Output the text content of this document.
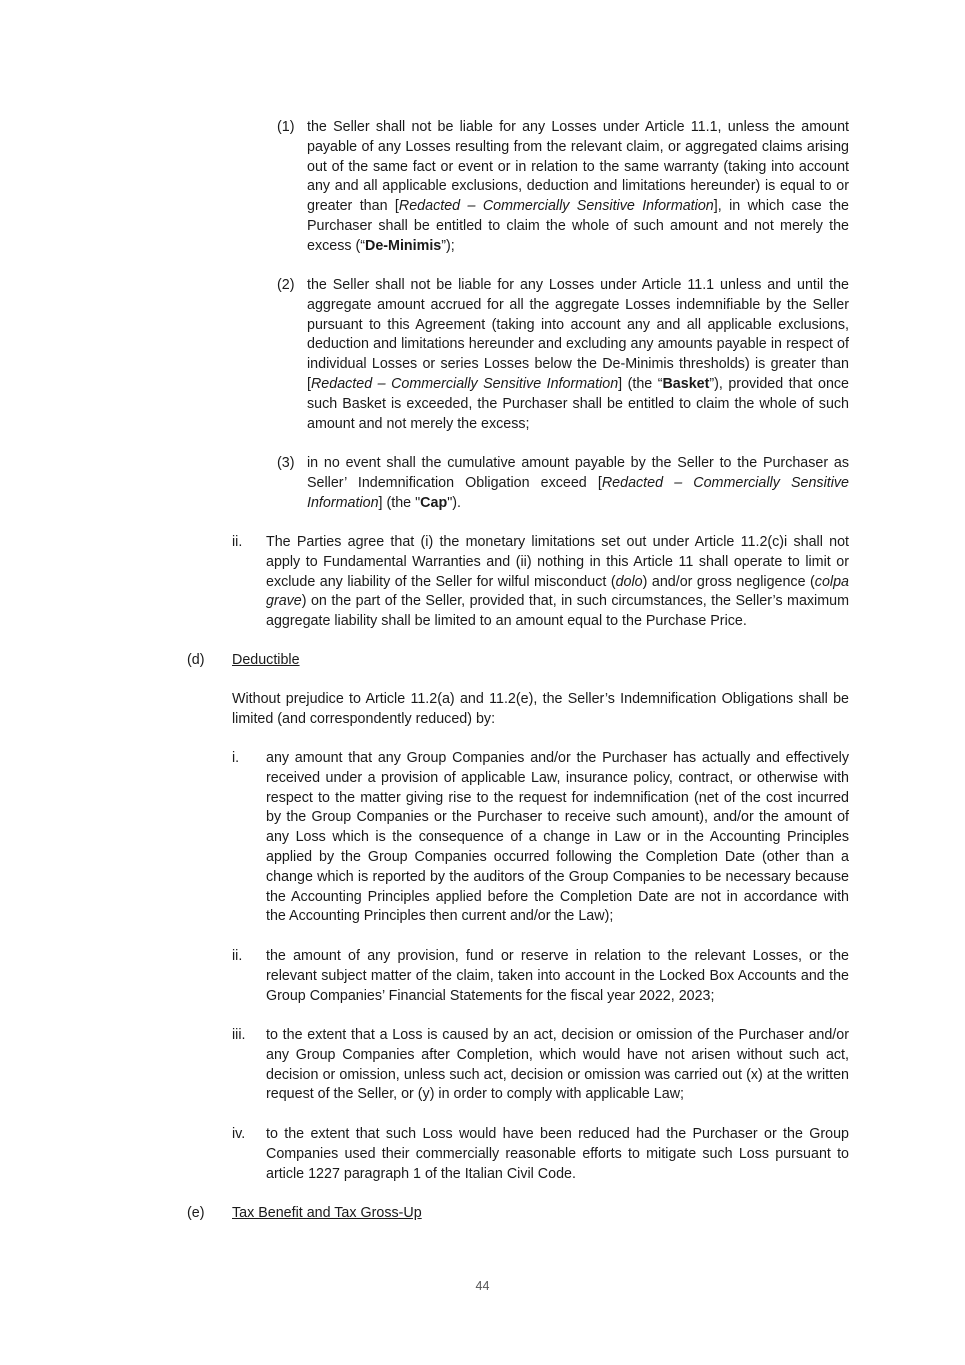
(1) the Seller shall not be liable for any Losses under Article 11.1, unless the amount payable of any Losses resulting from the relevant claim, or aggregated claims arising out of the same fact or event or in relation to the same warranty (taking into account any and all applicable exclusions, deduction and limitations hereunder) is equal to or greater than [Redacted – Commercially Sensitive Information], in which case the Purchaser shall be entitled to claim the whole of such amount and not merely the excess (“De-Minimis”);

(2) the Seller shall not be liable for any Losses under Article 11.1 unless and until the aggregate amount accrued for all the aggregate Losses indemnifiable by the Seller pursuant to this Agreement (taking into account any and all applicable exclusions, deduction and limitations hereunder and excluding any amounts payable in respect of individual Losses or series Losses below the De-Minimis thresholds) is greater than [Redacted – Commercially Sensitive Information] (the “Basket”), provided that once such Basket is exceeded, the Purchaser shall be entitled to claim the whole of such amount and not merely the excess;

(3) in no event shall the cumulative amount payable by the Seller to the Purchaser as Seller’ Indemnification Obligation exceed [Redacted – Commercially Sensitive Information] (the "Cap").

ii.	The Parties agree that (i) the monetary limitations set out under Article 11.2(c)i shall not apply to Fundamental Warranties and (ii) nothing in this Article 11 shall operate to limit or exclude any liability of the Seller for wilful misconduct (dolo) and/or gross negligence (colpa grave) on the part of the Seller, provided that, in such circumstances, the Seller’s maximum aggregate liability shall be limited to an amount equal to the Purchase Price.

(d) Deductible

Without prejudice to Article 11.2(a) and 11.2(e), the Seller’s Indemnification Obligations shall be limited (and correspondently reduced) by:

i.	any amount that any Group Companies and/or the Purchaser has actually and effectively received under a provision of applicable Law, insurance policy, contract, or otherwise with respect to the matter giving rise to the request for indemnification (net of the cost incurred by the Group Companies or the Purchaser to receive such amount), and/or the amount of any Loss which is the consequence of a change in Law or in the Accounting Principles applied by the Group Companies occurred following the Completion Date (other than a change which is reported by the auditors of the Group Companies to be necessary because the Accounting Principles applied before the Completion Date are not in accordance with the Accounting Principles then current and/or the Law);

ii.	the amount of any provision, fund or reserve in relation to the relevant Losses, or the relevant subject matter of the claim, taken into account in the Locked Box Accounts and the Group Companies’ Financial Statements for the fiscal year 2022, 2023;

iii.	to the extent that a Loss is caused by an act, decision or omission of the Purchaser and/or any Group Companies after Completion, which would have not arisen without such act, decision or omission, unless such act, decision or omission was carried out (x) at the written request of the Seller, or (y) in order to comply with applicable Law;

iv.	to the extent that such Loss would have been reduced had the Purchaser or the Group Companies used their commercially reasonable efforts to mitigate such Loss pursuant to article 1227 paragraph 1 of the Italian Civil Code.

(e) Tax Benefit and Tax Gross-Up
44
